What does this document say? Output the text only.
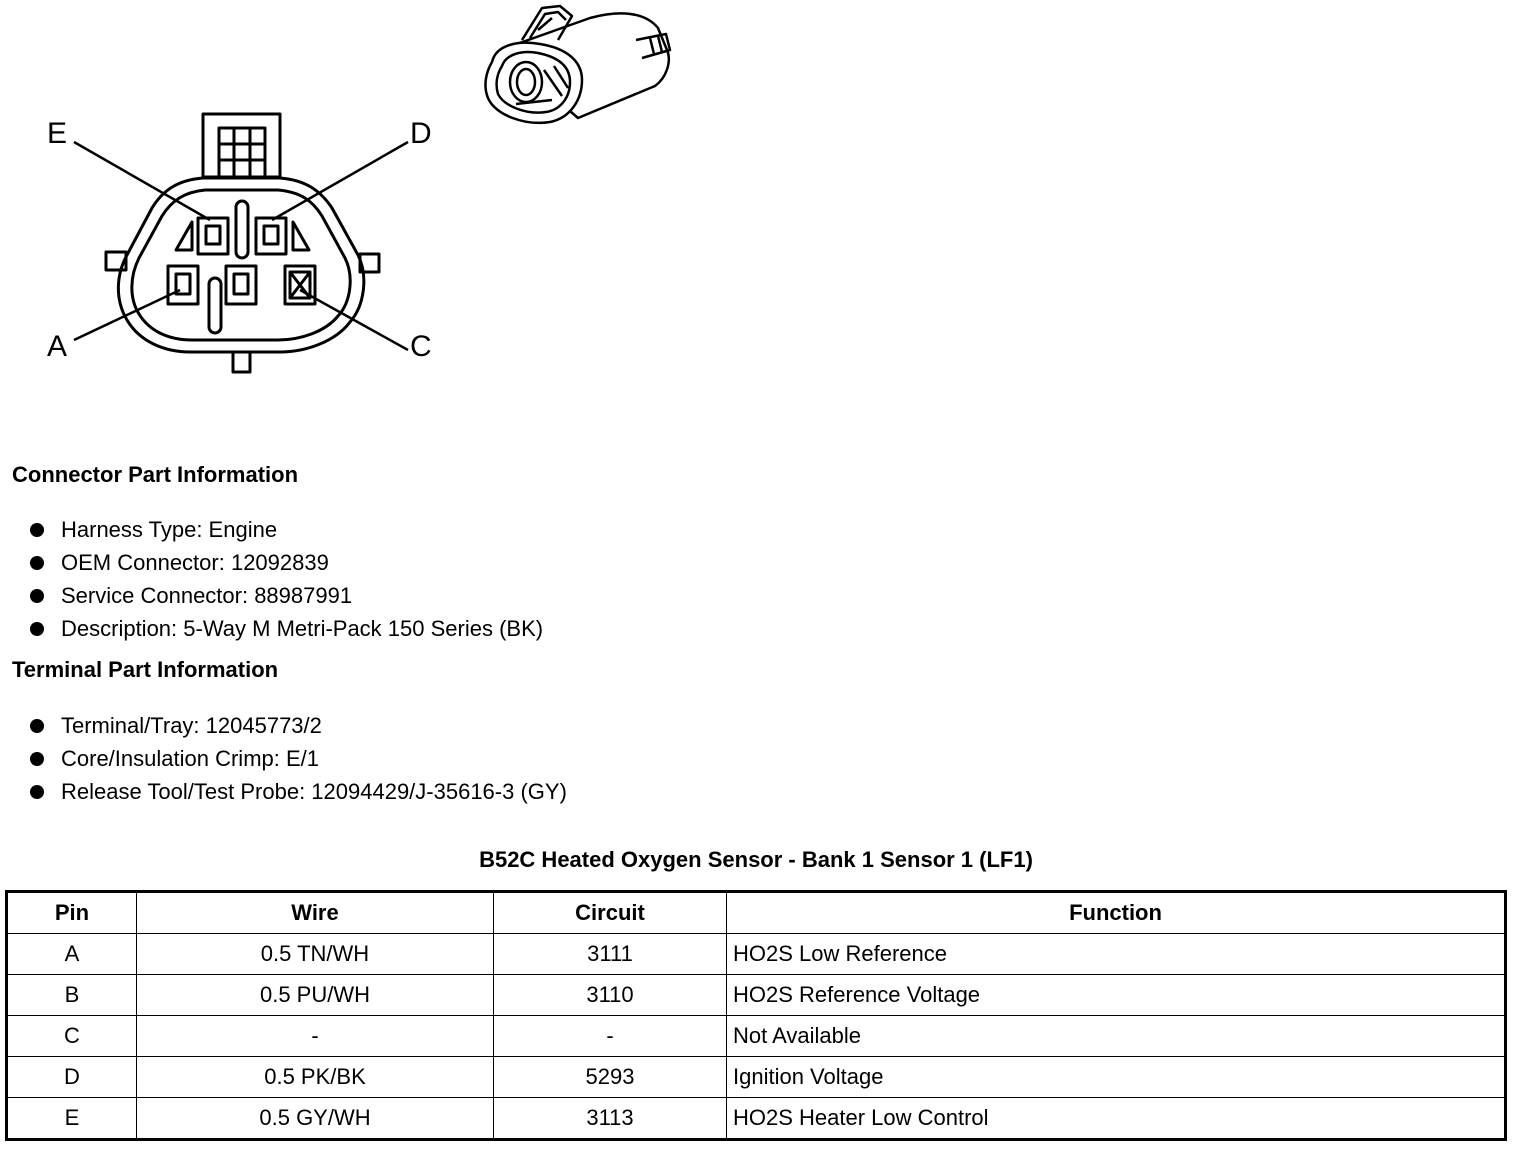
E	D
A	C
Connector Part Information
Harness Type: Engine
OEM Connector: 12092839
Service Connector: 88987991
Description: 5-Way M Metri-Pack 150 Series (BK)
Terminal Part Information
Terminal/Tray: 12045773/2
Core/Insulation Crimp: E/1
Release Tool/Test Probe: 12094429/J-35616-3 (GY)
B52C Heated Oxygen Sensor - Bank 1 Sensor 1 (LF1)
Pin	Wire	Circuit	Function
A	0.5 TN/WH	3111	HO2S Low Reference
B	0.5 PU/WH	3110	HO2S Reference Voltage
C	-	-	Not Available
D	0.5 PK/BK	5293	Ignition Voltage
E	0.5 GY/WH	3113	HO2S Heater Low Control
